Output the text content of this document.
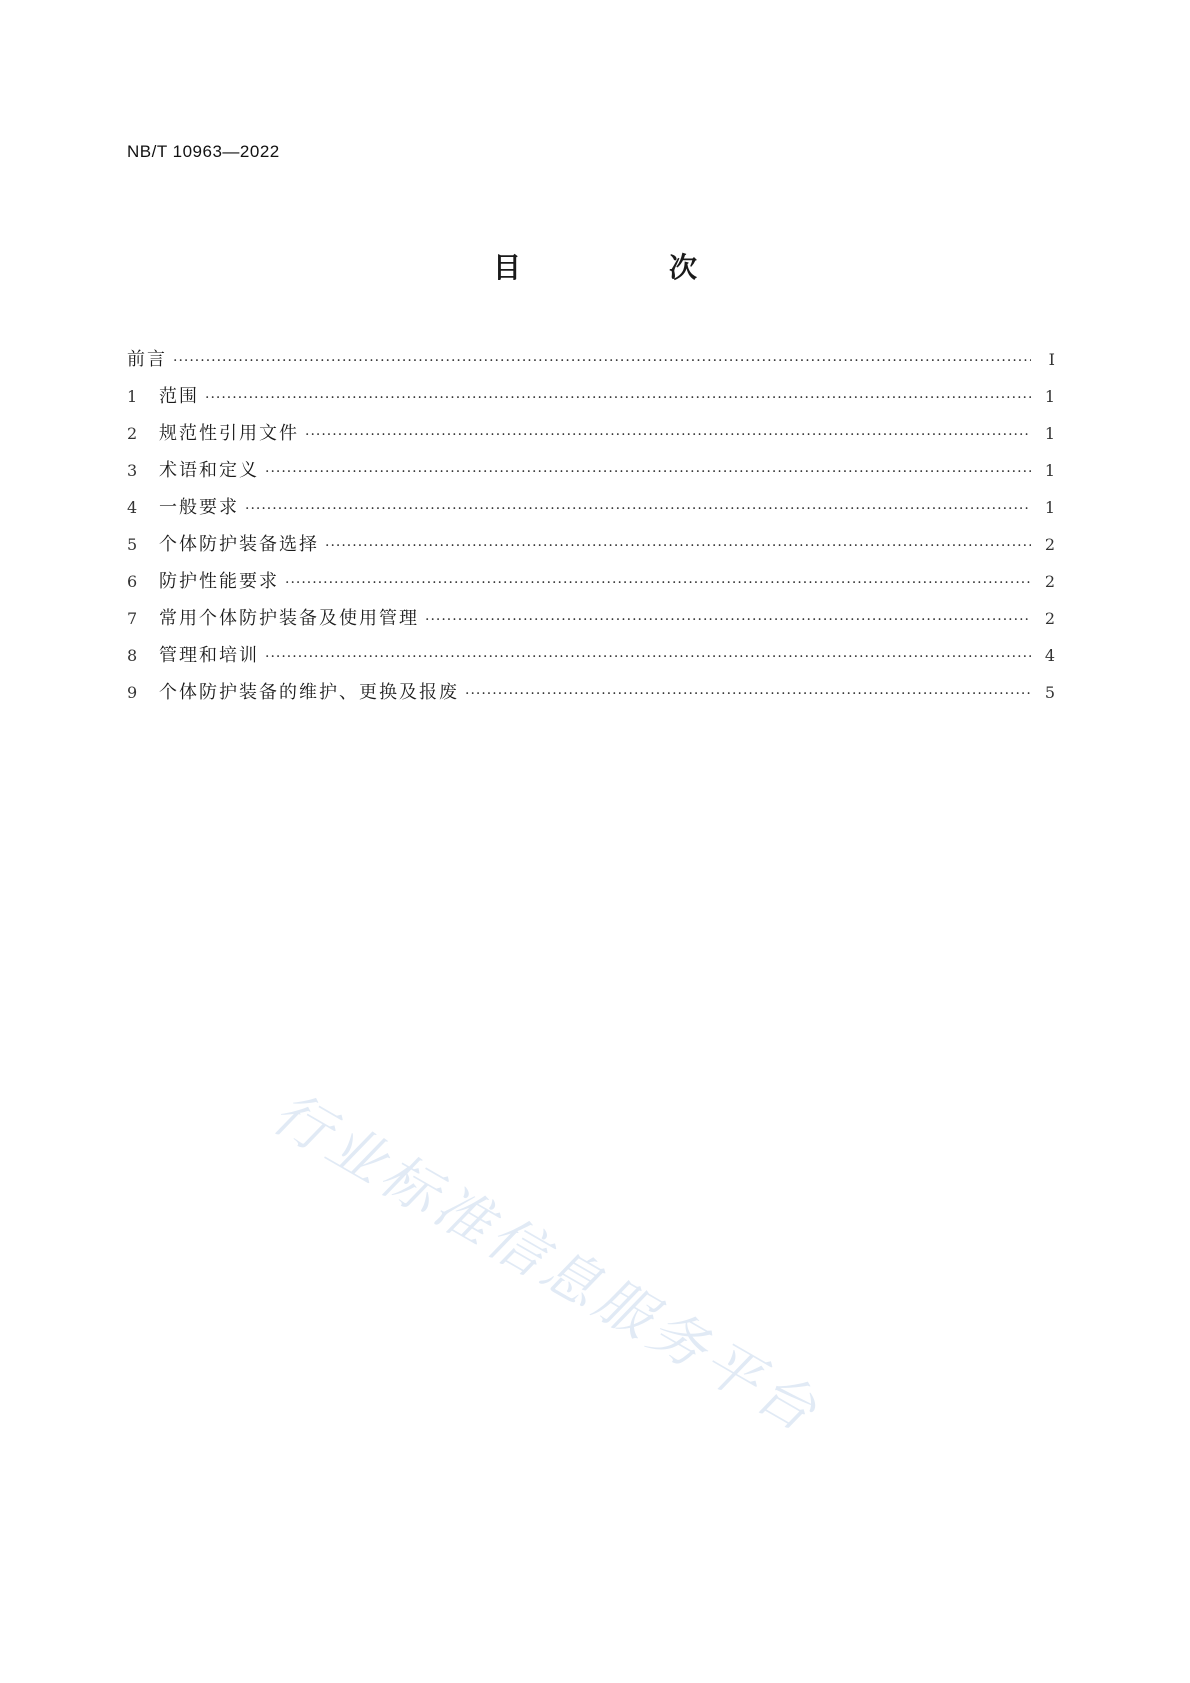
NB/T 10963—2022
目　次
前言 ·····	Ⅰ
1	范围 ·····	1
2	规范性引用文件 ·····	1
3	术语和定义 ·····	1
4	一般要求 ·····	1
5	个体防护装备选择 ·····	2
6	防护性能要求 ·····	2
7	常用个体防护装备及使用管理 ·····	2
8	管理和培训 ·····	4
9	个体防护装备的维护、更换及报废 ·····	5
行业标准信息服务平台
